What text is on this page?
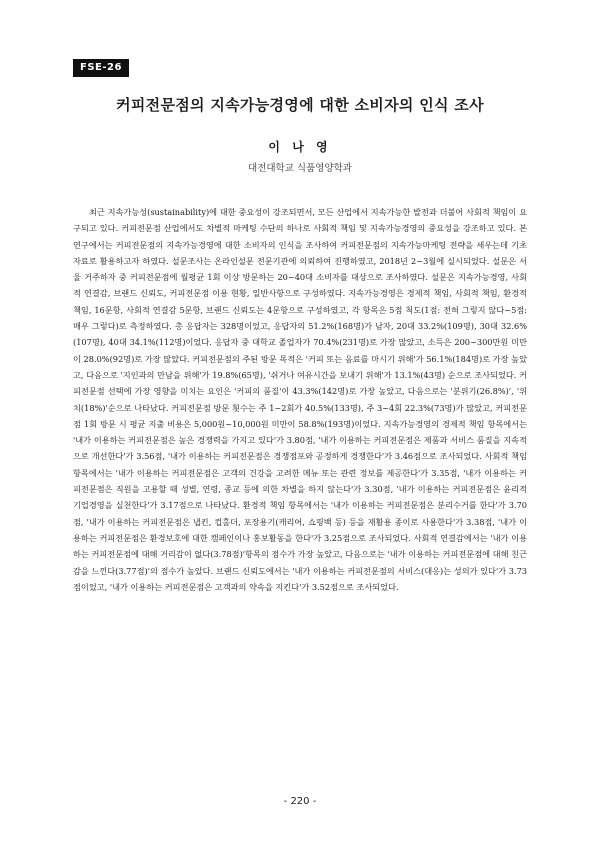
FSE-26
커피전문점의 지속가능경영에 대한 소비자의 인식 조사
이 나 영
대전대학교 식품영양학과

최근 지속가능성(sustainability)에 대한 중요성이 강조되면서, 모든 산업에서 지속가능한 발전과 더불어 사회적 책임이 요구되고 있다. 커피전문점 산업에서도 차별적 마케팅 수단의 하나로 사회적 책임 및 지속가능경영의 중요성을 강조하고 있다. 본 연구에서는 커피전문점의 지속가능경영에 대한 소비자의 인식을 조사하여 커피전문점의 지속가능마케팅 전략을 세우는데 기초자료로 활용하고자 하였다. 설문조사는 온라인설문 전문기관에 의뢰하여 진행하였고, 2018년 2~3월에 실시되었다. 설문은 서울 거주하자 중 커피전문점에 월평균 1회 이상 방문하는 20~40대 소비자를 대상으로 조사하였다. 설문은 지속가능경영, 사회적 연결감, 브랜드 신뢰도, 커피전문점 이용 현황, 일반사항으로 구성하였다. 지속가능경영은 경제적 책임, 사회적 책임, 환경적 책임, 16문항, 사회적 연결감 5문항, 브랜드 신뢰도는 4문항으로 구성하였고, 각 항목은 5점 척도(1점: 전혀 그렇지 않다~5점: 매우 그렇다)로 측정하였다. 총 응답자는 328명이었고, 응답자의 51.2%(168명)가 남자, 20대 33.2%(109명), 30대 32.6%(107명), 40대 34.1%(112명)이었다. 응답자 중 대학교 졸업자가 70.4%(231명)로 가장 많았고, 소득은 200~300만원 미만이 28.0%(92명)로 가장 많았다. 커피전문점의 주된 방문 목적은 '커피 또는 음료를 마시기 위해'가 56.1%(184명)로 가장 높았고, 다음으로 '지인과의 만남을 위해'가 19.8%(65명), '쉬거나 여유시간을 보내기 위해'가 13.1%(43명) 순으로 조사되었다. 커피전문점 선택에 가장 영향을 미치는 요인은 '커피의 품질'이 43.3%(142명)로 가장 높았고, 다음으로는 '분위기(26.8%)', '위치(18%)'순으로 나타났다. 커피전문점 방문 횟수는 주 1~2회가 40.5%(133명), 주 3~4회 22.3%(73명)가 많았고, 커피전문점 1회 방문 시 평균 지출 비용은 5,000원~10,000원 미만이 58.8%(193명)이었다. 지속가능경영의 경제적 책임 항목에서는 '내가 이용하는 커피전문점은 높은 경쟁력을 가지고 있다'가 3.80점, '내가 이용하는 커피전문점은 제품과 서비스 품질을 지속적으로 개선한다'가 3.56점, '내가 이용하는 커피전문점은 경쟁점포와 공정하게 경쟁한다'가 3.46점으로 조사되었다. 사회적 책임 항목에서는 '내가 이용하는 커피전문점은 고객의 건강을 고려한 메뉴 또는 관련 정보를 제공한다'가 3.35점, '내가 이용하는 커피전문점은 직원을 고용할 때 성별, 연령, 종교 등에 의한 차별을 하지 않는다'가 3.30점, '내가 이용하는 커피전문점은 윤리적 기업경영을 실천한다'가 3.17점으로 나타났다. 환경적 책임 항목에서는 '내가 이용하는 커피전문점은 분리수거를 한다'가 3.70점, '내가 이용하는 커피전문점은 냅킨, 컵홀더, 포장용기(캐리어, 쇼핑백 등) 등을 재활용 종이로 사용한다'가 3.38점, '내가 이용하는 커피전문점은 환경보호에 대한 캠페인이나 홍보활동을 한다'가 3.25점으로 조사되었다. 사회적 연결감에서는 '내가 이용하는 커피전문점에 대해 거리감이 없다(3.78점)'항목의 점수가 가장 높았고, 다음으로는 '내가 이용하는 커피전문점에 대해 친근감을 느낀다(3.77점)'의 점수가 높았다. 브랜드 신뢰도에서는 '내가 이용하는 커피전문점의 서비스(대응)는 성의가 있다'가 3.73점이었고, '내가 이용하는 커피전문점은 고객과의 약속을 지킨다'가 3.52점으로 조사되었다.

- 220 -
